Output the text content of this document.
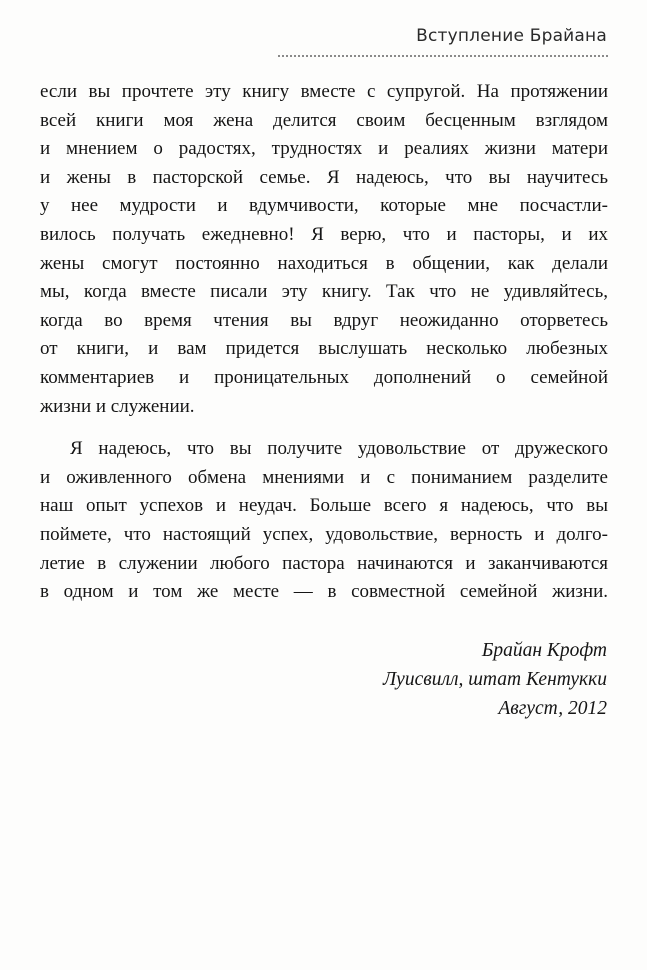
Вступление Брайана

если вы прочтете эту книгу вместе с супругой. На протяжении
всей книги моя жена делится своим бесценным взглядом
и мнением о радостях, трудностях и реалиях жизни матери
и жены в пасторской семье. Я надеюсь, что вы научитесь
у нее мудрости и вдумчивости, которые мне посчастли-
вилось получать ежедневно! Я верю, что и пасторы, и их
жены смогут постоянно находиться в общении, как делали
мы, когда вместе писали эту книгу. Так что не удивляйтесь,
когда во время чтения вы вдруг неожиданно оторветесь
от книги, и вам придется выслушать несколько любезных
комментариев и проницательных дополнений о семейной
жизни и служении.

Я надеюсь, что вы получите удовольствие от дружеского
и оживленного обмена мнениями и с пониманием разделите
наш опыт успехов и неудач. Больше всего я надеюсь, что вы
поймете, что настоящий успех, удовольствие, верность и долго-
летие в служении любого пастора начинаются и заканчиваются
в одном и том же месте — в совместной семейной жизни.

Брайан Крофт
Луисвилл, штат Кентукки
Август, 2012
